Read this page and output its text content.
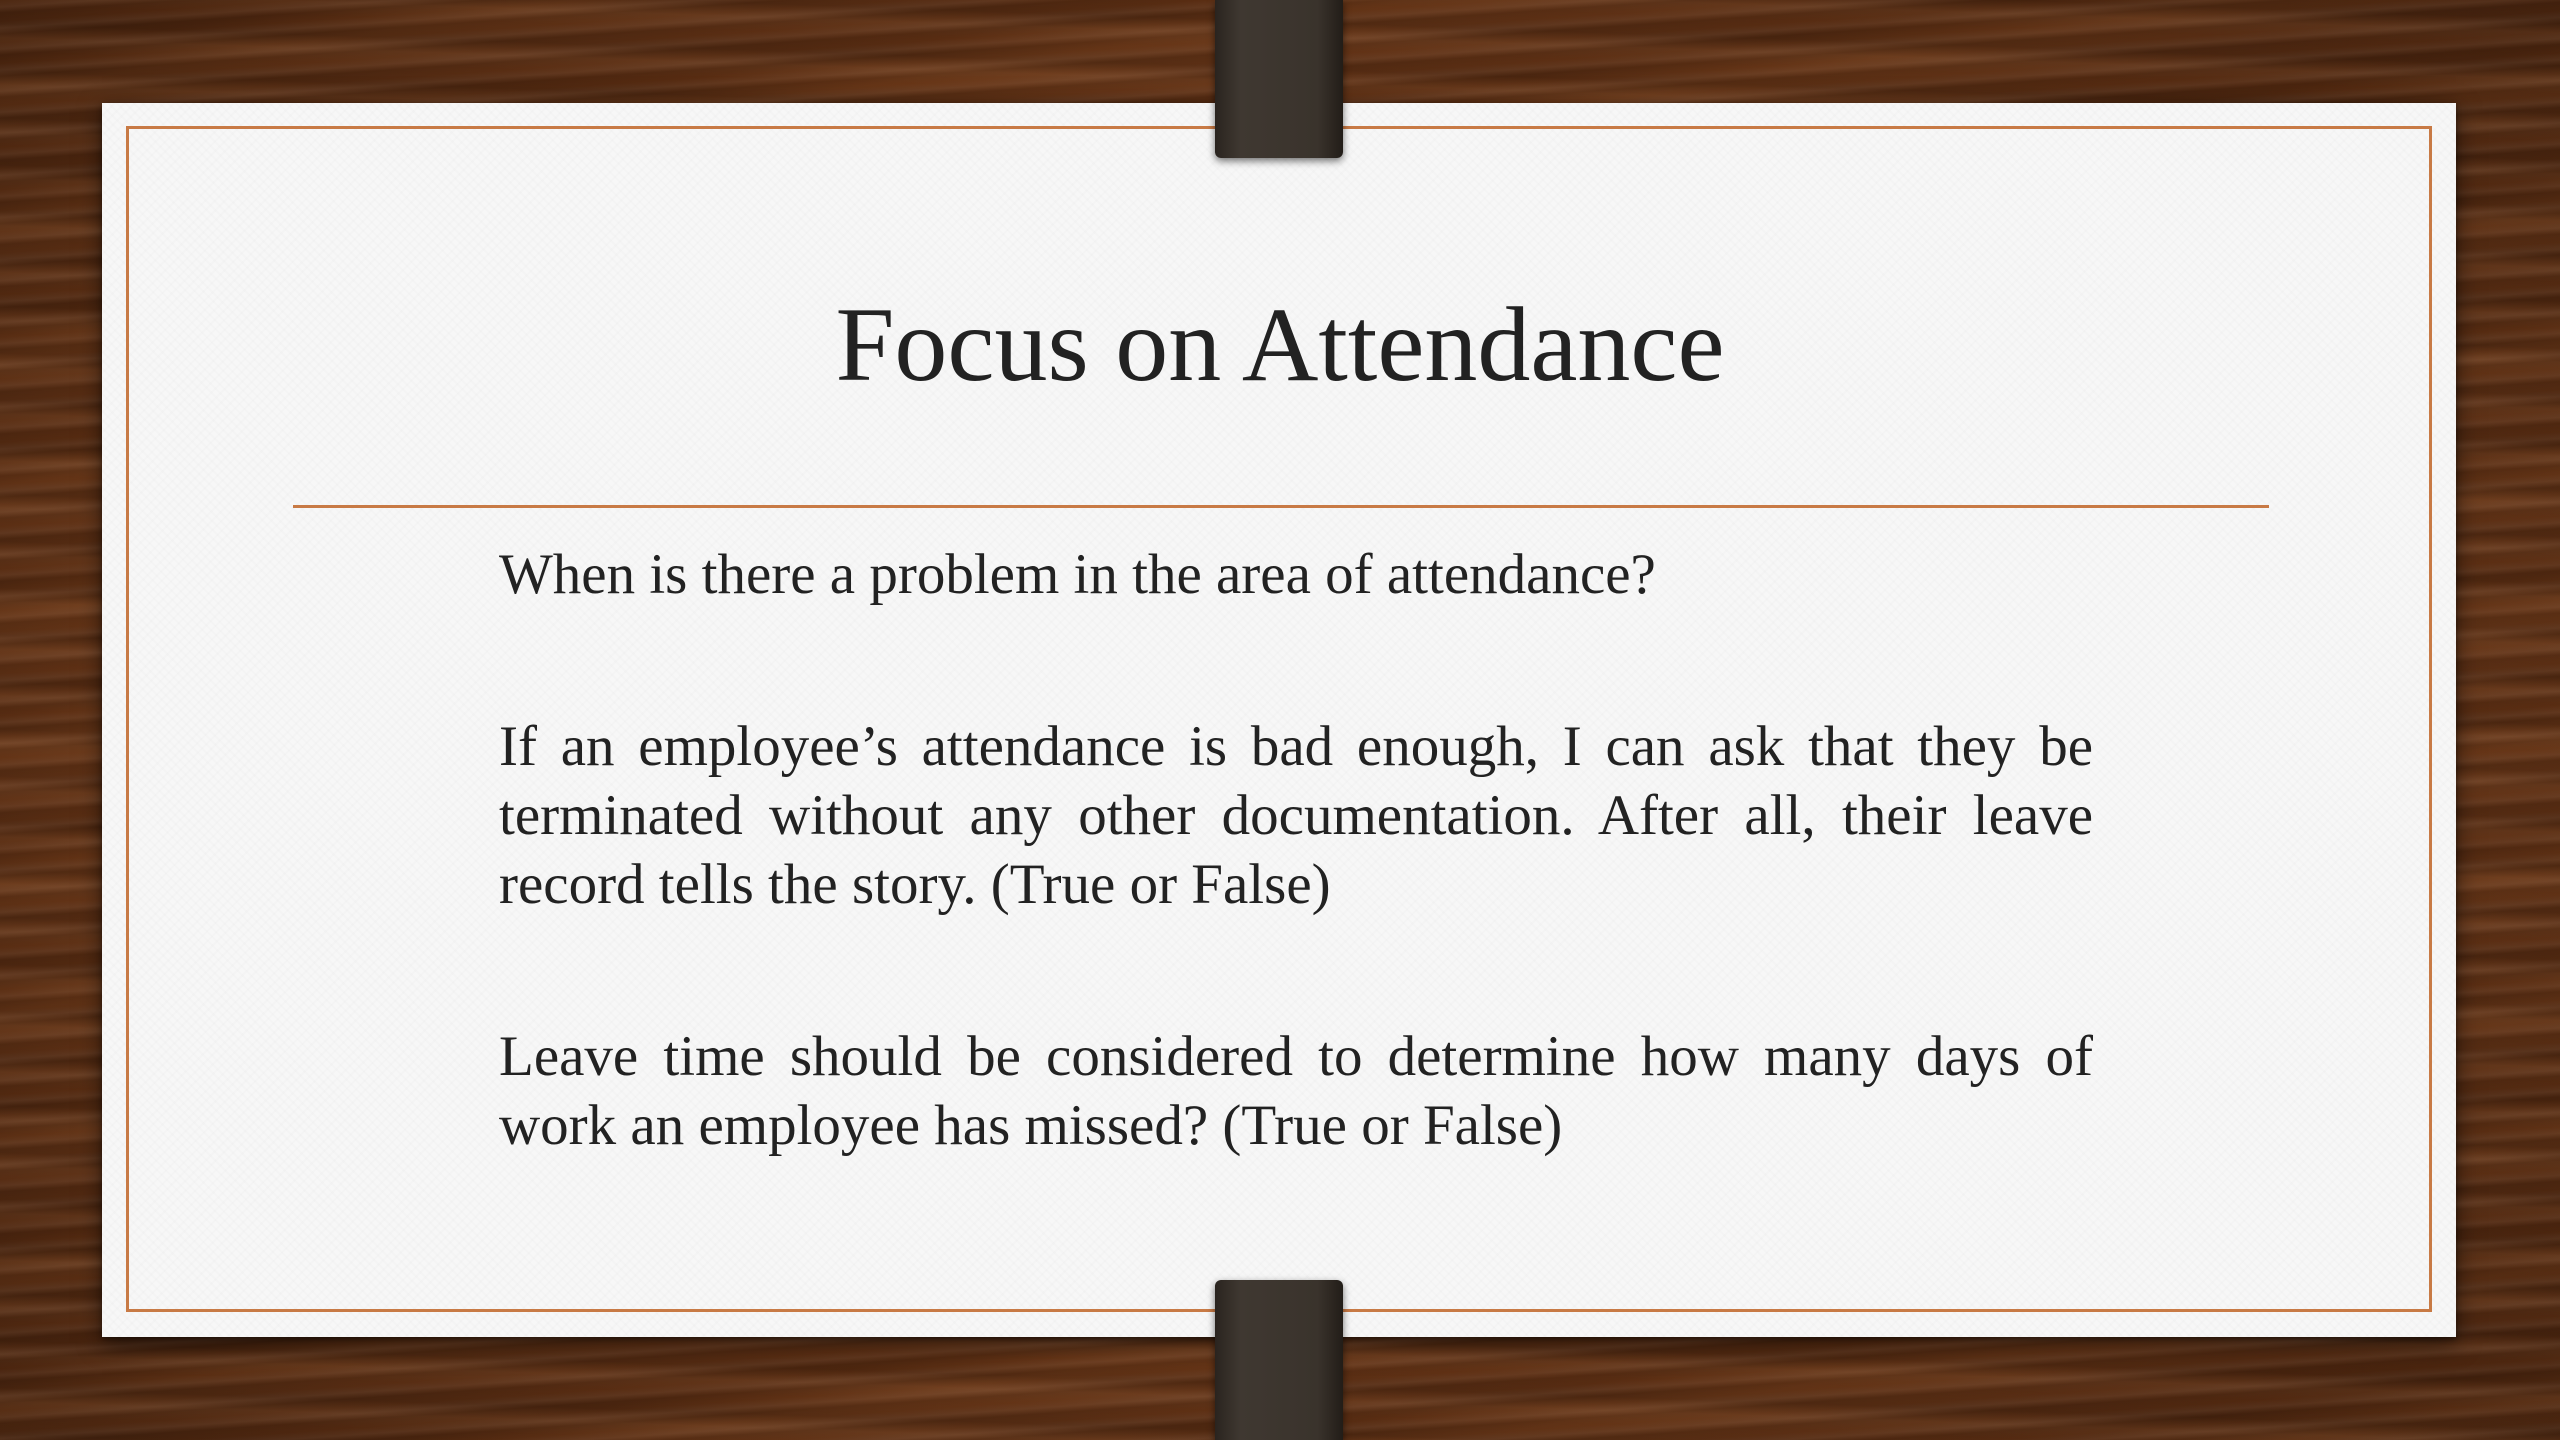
Focus on Attendance

When is there a problem in the area of attendance?

If an employee’s attendance is bad enough, I can ask that they be terminated without any other documentation. After all, their leave record tells the story. (True or False)

Leave time should be considered to determine how many days of work an employee has missed? (True or False)
